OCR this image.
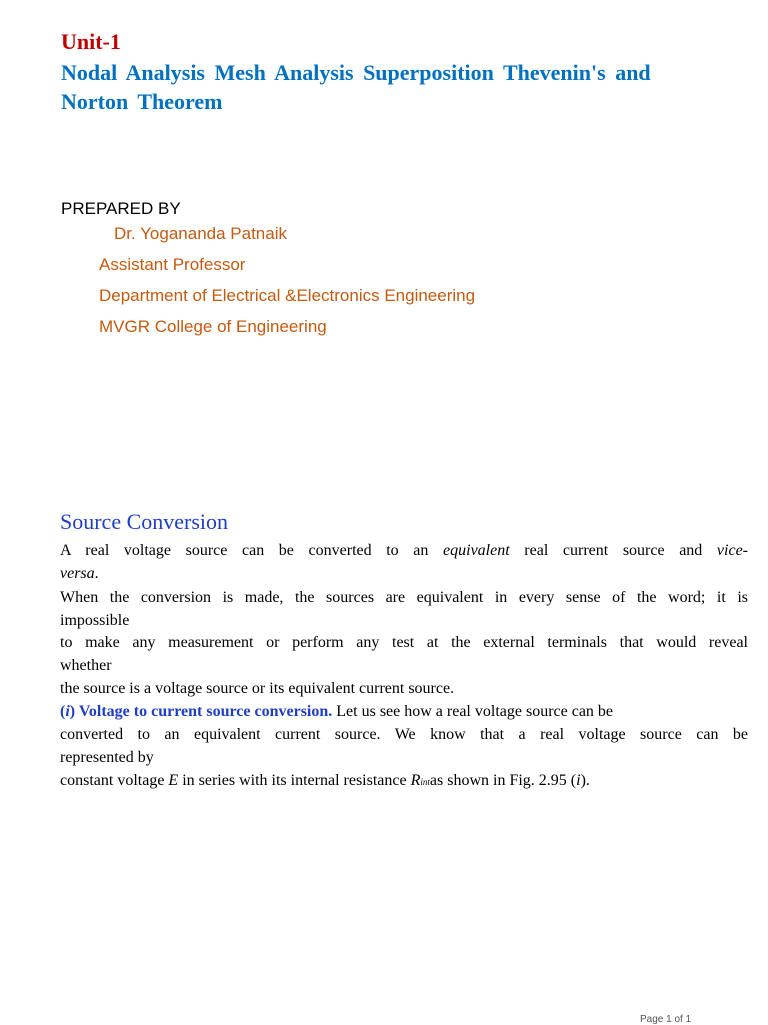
Unit-1
Nodal Analysis Mesh Analysis Superposition Thevenin's and Norton Theorem
PREPARED BY
Dr. Yogananda Patnaik
Assistant Professor
Department of Electrical &Electronics Engineering
MVGR College of Engineering
Source Conversion
A real voltage source can be converted to an equivalent real current source and vice-
versa.
When the conversion is made, the sources are equivalent in every sense of the word; it is
impossible
to make any measurement or perform any test at the external terminals that would reveal
whether
the source is a voltage source or its equivalent current source.
(i) Voltage to current source conversion. Let us see how a real voltage source can be
converted to an equivalent current source. We know that a real voltage source can be
represented by
constant voltage E in series with its internal resistance Rintas shown in Fig. 2.95 (i).
Page 1 of 1
